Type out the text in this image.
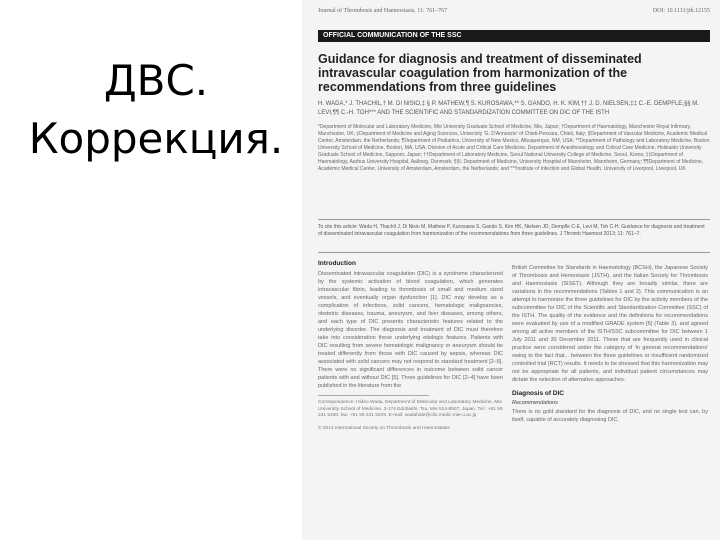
ДВС.
Коррекция.
Journal of Thrombosis and Haemostasis, 11: 761–767	DOI: 10.1111/jth.12155
OFFICIAL COMMUNICATION OF THE SSC
Guidance for diagnosis and treatment of disseminated intravascular coagulation from harmonization of the recommendations from three guidelines
H. WADA,* J. THACHIL,† M. DI NISIO,‡ § P. MATHEW,¶ S. KUROSAWA,** S. GANDO, H. K. KIM,†† J. D. NIELSEN,‡‡ C.-E. DEMPFLE,§§ M. LEVI,¶¶ C.-H. TOH*** AND THE SCIENTIFIC AND STANDARDIZATION COMMITTEE ON DIC OF THE ISTH
*Department of Molecular and Laboratory Medicine, Mie University Graduate School of Medicine, Mie, Japan; †Department of Haematology, Manchester Royal Infirmary, Manchester, UK; ‡Department of Medicine and Aging Sciences, University 'G. D'Annunzio' of Chieti-Pescara, Chieti, Italy; §Department of Vascular Medicine, Academic Medical Center, Amsterdam, the Netherlands; ¶Department of Pediatrics, University of New Mexico, Albuquerque, NM, USA; **Department of Pathology and Laboratory Medicine, Boston University School of Medicine, Boston, MA, USA; Division of Acute and Critical Care Medicine, Department of Anesthesiology and Critical Care Medicine, Hokkaido University Graduate School of Medicine, Sapporo, Japan; ††Department of Laboratory Medicine, Seoul National University College of Medicine, Seoul, Korea; ‡‡Department of Haematology, Aarhus University Hospital, Aalborg, Denmark; §§I. Department of Medicine, University Hospital of Mannheim, Mannheim, Germany; ¶¶Department of Medicine, Academic Medical Center, University of Amsterdam, Amsterdam, the Netherlands; and ***Institute of Infection and Global Health, University of Liverpool, Liverpool, UK
To cite this article: Wada H, Thachil J, Di Nisio M, Mathew P, Kurosawa S, Gando S, Kim HK, Nielsen JD, Dempfle C-E, Levi M, Toh C-H. Guidance for diagnosis and treatment of disseminated intravascular coagulation from harmonization of the recommendations from three guidelines. J Thromb Haemost 2013; 11: 761–7.
Introduction

Disseminated intravascular coagulation (DIC) is a syndrome characterized by the systemic activation of blood coagulation, which generates intravascular fibrin, leading to thrombosis of small and medium sized vessels, and eventually organ dysfunction [1]. DIC may develop as a complication of infections, solid cancers, hematologic malignancies, obstetric diseases, trauma, aneurysm, and liver diseases, among others, and each type of DIC presents characteristic features related to the underlying disorder. The diagnosis and treatment of DIC must therefore take into consideration these underlying etiologic features. Patients with DIC resulting from severe hematologic malignancy or aneurysm should be treated differently from those with DIC caused by sepsis, whereas DIC associated with solid cancers may not respond to standard treatment [2–5]. There were no significant differences in outcome between solid cancer patients with and without DIC [5]. Three guidelines for DIC [2–4] have been published in the literature from the

Correspondence: Hideo Wada, Department of Molecular and Laboratory Medicine, Mie University School of Medicine, 2-174 Edobashi, Tsu, Mie 514-8507, Japan. Tel.: +81 59 231 5330; fax: +81 59 231 5229. E-mail: wadahide@clin.medic.mie-u.ac.jp

© 2013 International Society on Thrombosis and Haemostasis

British Committee for Standards in Haematology (BCSH), the Japanese Society of Thrombosis and Hemostasis (JSTH), and the Italian Society for Thrombosis and Haemostasis (SISET). Although they are broadly similar, there are variations in the recommendations (Tables 1 and 2). This communication is an attempt to harmonize the three guidelines for DIC by the activity members of the subcommittee for DIC of the Scientific and Standardization Committee (SSC) of the ISTH. The quality of the evidence and the definitions for recommendations were evaluated by use of a modified GRADE system [6] (Table 3), and agreed among all active members of the ISTH/SSC subcommittee for DIC between 1 July 2011 and 30 December 2011. These that are frequently used in clinical practice were considered under the category of 'in general recommendations' owing to the fact that... between the three guidelines or insufficient randomized controlled trial (RCT) results. It needs to be stressed that this harmonization may not be appropriate for all patients, and individual patient circumstances may dictate the selection of alternative approaches.

Diagnosis of DIC
Recommendations

There is no gold standard for the diagnosis of DIC, and no single test can, by itself, capable of accurately diagnosing DIC.
